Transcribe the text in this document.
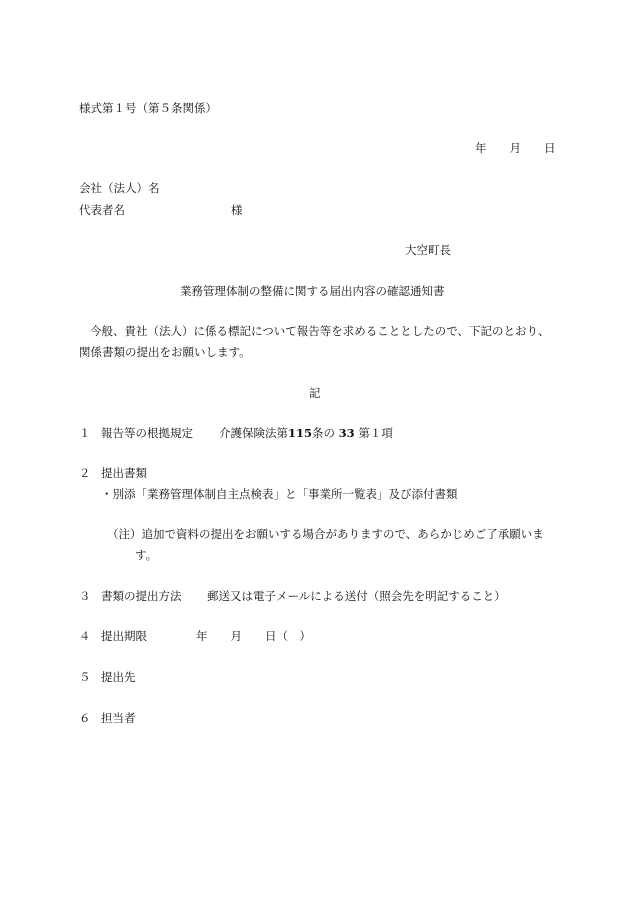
様式第１号（第５条関係）
年　　月　　日
会社（法人）名
代表者名	様
大空町長
業務管理体制の整備に関する届出内容の確認通知書
今般、貴社（法人）に係る標記について報告等を求めることとしたので、下記のとおり、
関係書類の提出をお願いします。
記
１ 報告等の根拠規定 介護保険法第115条の 33 第１項
２ 提出書類
・別添「業務管理体制自主点検表」と「事業所一覧表」及び添付書類
（注）追加で資料の提出をお願いする場合がありますので、あらかじめご了承願いま
す。
３ 書類の提出方法 郵送又は電子メールによる送付（照会先を明記すること）
４ 提出期限	年　　月　　日（　）
５ 提出先
６ 担当者
